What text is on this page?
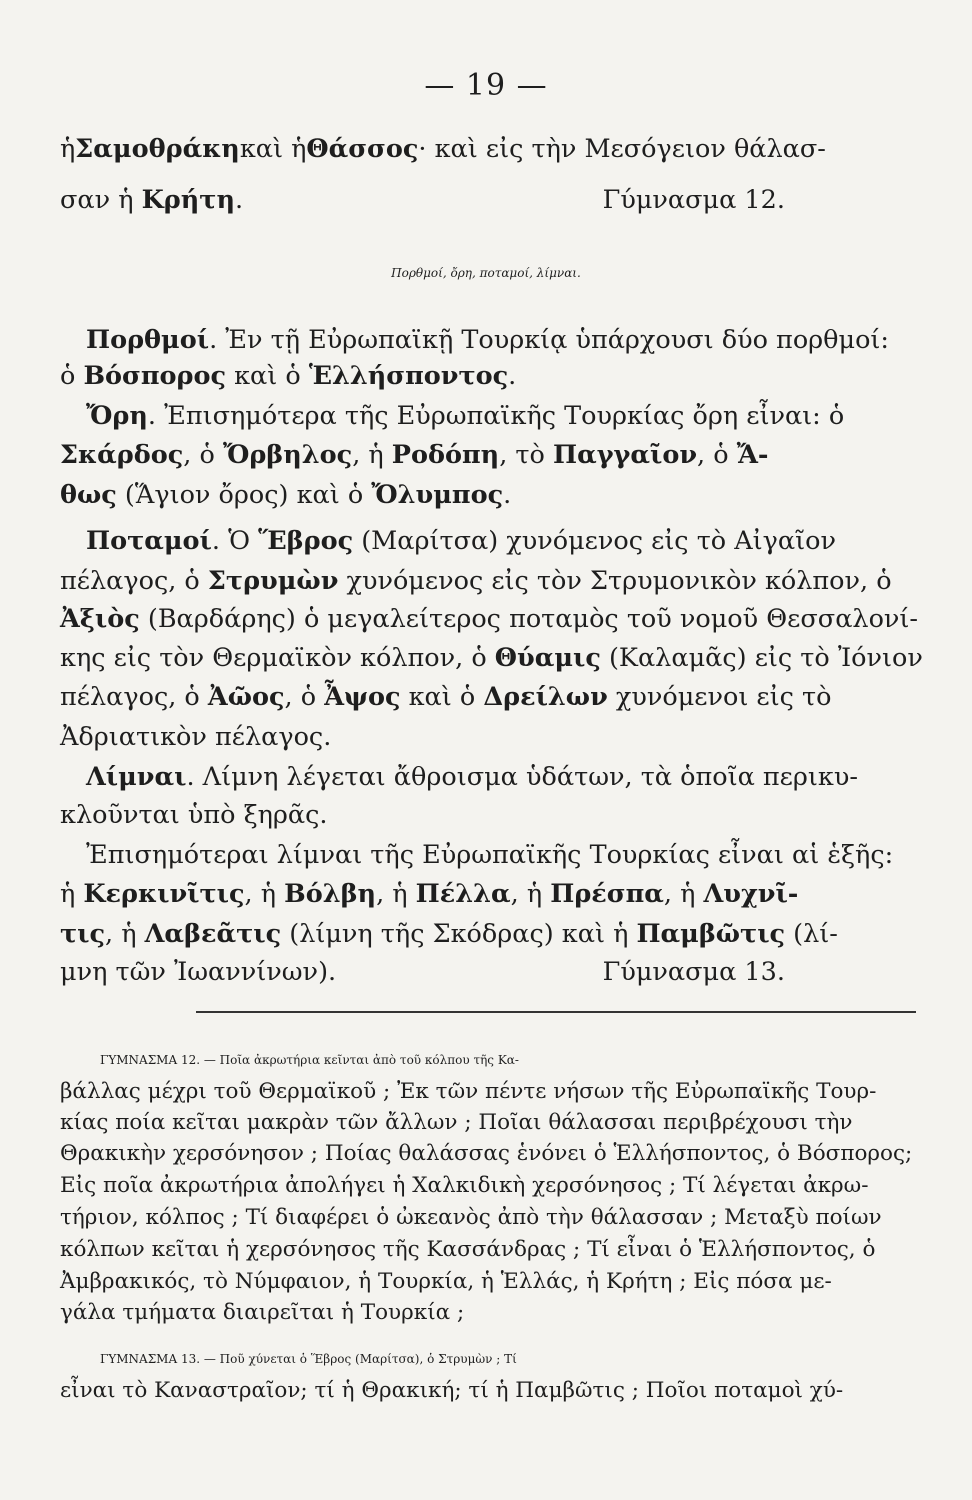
— 19 —
ἡΣαμοθράκηκαὶ ἡΘάσσος· καὶ εἰς τὴν Μεσόγειον θάλασ-
σαν ἡ Κρήτη.	Γύμνασμα 12.
Πορθμοί, ὄρη, ποταμοί, λίμναι.
Πορθμοί. Ἐν τῇ Εὐρωπαϊκῇ Τουρκίᾳ ὑπάρχουσι δύο πορθμοί:
ὁ Βόσπορος καὶ ὁ Ἑλλήσποντος.
Ὄρη. Ἐπισημότερα τῆς Εὐρωπαϊκῆς Τουρκίας ὄρη εἶναι: ὁ
Σκάρδος, ὁ Ὄρβηλος, ἡ Ροδόπη, τὸ Παγγαῖον, ὁ Ἄ-
θως (Ἅγιον ὄρος) καὶ ὁ Ὄλυμπος.
Ποταμοί. Ὁ Ἕβρος (Μαρίτσα) χυνόμενος εἰς τὸ Αἰγαῖον
πέλαγος, ὁ Στρυμὼν χυνόμενος εἰς τὸν Στρυμονικὸν κόλπον, ὁ
Ἀξιὸς (Βαρδάρης) ὁ μεγαλείτερος ποταμὸς τοῦ νομοῦ Θεσσαλονί-
κης εἰς τὸν Θερμαϊκὸν κόλπον, ὁ Θύαμις (Καλαμᾶς) εἰς τὸ Ἰόνιον
πέλαγος, ὁ Ἀῶος, ὁ Ἆψος καὶ ὁ Δρείλων χυνόμενοι εἰς τὸ
Ἀδριατικὸν πέλαγος.
Λίμναι. Λίμνη λέγεται ἄθροισμα ὑδάτων, τὰ ὁποῖα περικυ-
κλοῦνται ὑπὸ ξηρᾶς.
Ἐπισημότεραι λίμναι τῆς Εὐρωπαϊκῆς Τουρκίας εἶναι αἱ ἑξῆς:
ἡ Κερκινῖτις, ἡ Βόλβη, ἡ Πέλλα, ἡ Πρέσπα, ἡ Λυχνῖ-
τις, ἡ Λαβεᾶτις (λίμνη τῆς Σκόδρας) καὶ ἡ Παμβῶτις (λί-
μνη τῶν Ἰωαννίνων).	Γύμνασμα 13.
ΓΥΜΝΑΣΜΑ 12. — Ποῖα ἀκρωτήρια κεῖνται ἀπὸ τοῦ κόλπου τῆς Κα-
βάλλας μέχρι τοῦ Θερμαϊκοῦ ; Ἐκ τῶν πέντε νήσων τῆς Εὐρωπαϊκῆς Τουρ-
κίας ποία κεῖται μακρὰν τῶν ἄλλων ; Ποῖαι θάλασσαι περιβρέχουσι τὴν
Θρακικὴν χερσόνησον ; Ποίας θαλάσσας ἑνόνει ὁ Ἑλλήσποντος, ὁ Βόσπορος;
Εἰς ποῖα ἀκρωτήρια ἀπολήγει ἡ Χαλκιδικὴ χερσόνησος ; Τί λέγεται ἀκρω-
τήριον, κόλπος ; Τί διαφέρει ὁ ὠκεανὸς ἀπὸ τὴν θάλασσαν ; Μεταξὺ ποίων
κόλπων κεῖται ἡ χερσόνησος τῆς Κασσάνδρας ; Τί εἶναι ὁ Ἑλλήσποντος, ὁ
Ἀμβρακικός, τὸ Νύμφαιον, ἡ Τουρκία, ἡ Ἑλλάς, ἡ Κρήτη ; Εἰς πόσα με-
γάλα τμήματα διαιρεῖται ἡ Τουρκία ;
ΓΥΜΝΑΣΜΑ 13. — Ποῦ χύνεται ὁ Ἕβρος (Μαρίτσα), ὁ Στρυμὼν ; Τί
εἶναι τὸ Καναστραῖον; τί ἡ Θρακική; τί ἡ Παμβῶτις ; Ποῖοι ποταμοὶ χύ-
